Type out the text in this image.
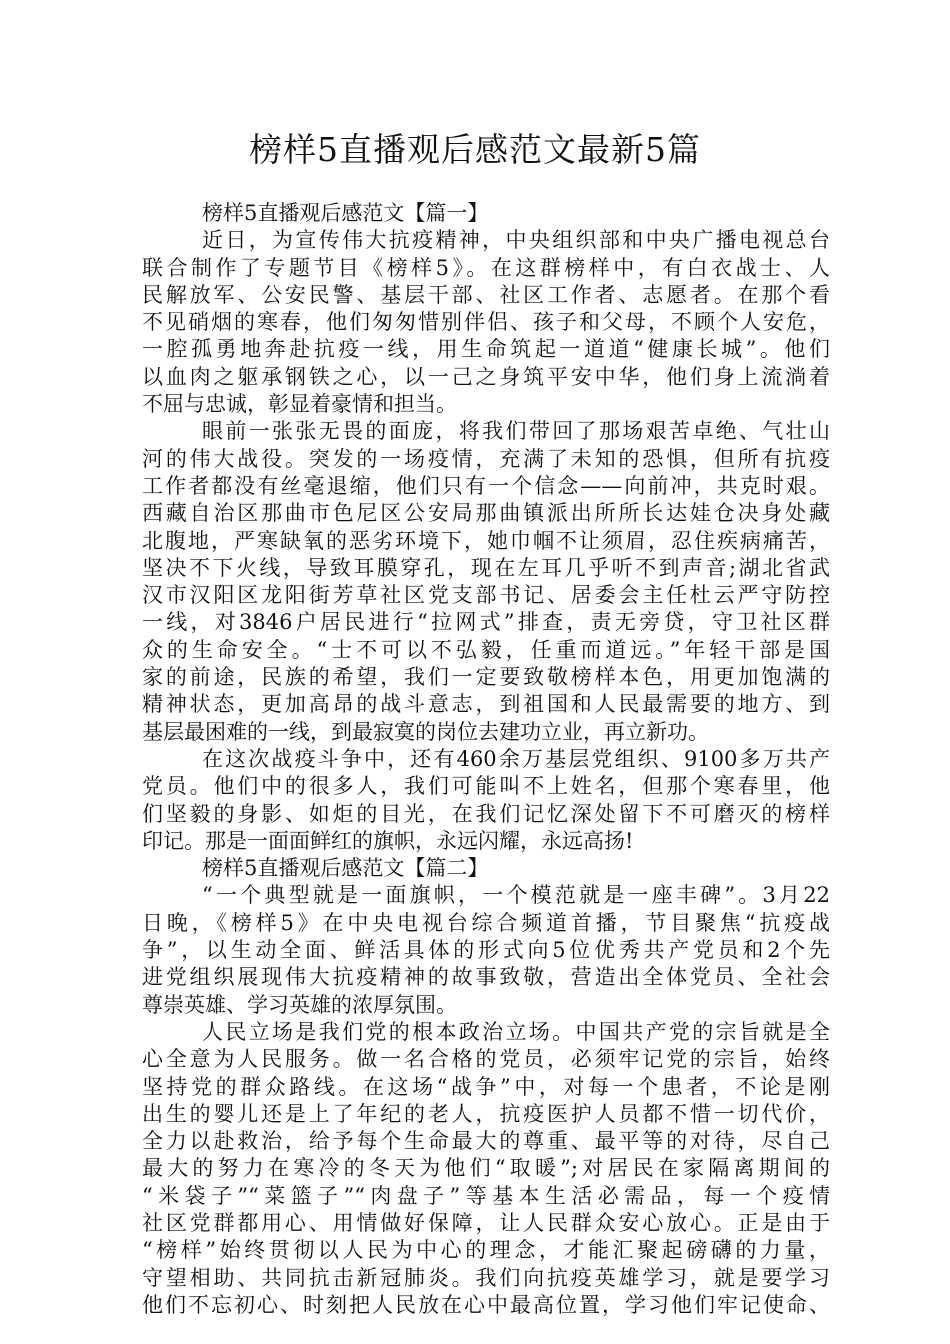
榜样5直播观后感范文最新5篇
榜样5直播观后感范文【篇一】
近日，为宣传伟大抗疫精神，中央组织部和中央广播电视总台
联合制作了专题节目《榜样5》。在这群榜样中，有白衣战士、人
民解放军、公安民警、基层干部、社区工作者、志愿者。在那个看
不见硝烟的寒春，他们匆匆惜别伴侣、孩子和父母，不顾个人安危，
一腔孤勇地奔赴抗疫一线，用生命筑起一道道“健康长城”。他们
以血肉之躯承钢铁之心，以一己之身筑平安中华，他们身上流淌着
不屈与忠诚，彰显着豪情和担当。
眼前一张张无畏的面庞，将我们带回了那场艰苦卓绝、气壮山
河的伟大战役。突发的一场疫情，充满了未知的恐惧，但所有抗疫
工作者都没有丝毫退缩，他们只有一个信念——向前冲，共克时艰。
西藏自治区那曲市色尼区公安局那曲镇派出所所长达娃仓决身处藏
北腹地，严寒缺氧的恶劣环境下，她巾帼不让须眉，忍住疾病痛苦，
坚决不下火线，导致耳膜穿孔，现在左耳几乎听不到声音;湖北省武
汉市汉阳区龙阳街芳草社区党支部书记、居委会主任杜云严守防控
一线，对3846户居民进行“拉网式”排查，责无旁贷，守卫社区群
众的生命安全。“士不可以不弘毅，任重而道远。”年轻干部是国
家的前途，民族的希望，我们一定要致敬榜样本色，用更加饱满的
精神状态，更加高昂的战斗意志，到祖国和人民最需要的地方、到
基层最困难的一线，到最寂寞的岗位去建功立业，再立新功。
在这次战疫斗争中，还有460余万基层党组织、9100多万共产
党员。他们中的很多人，我们可能叫不上姓名，但那个寒春里，他
们坚毅的身影、如炬的目光，在我们记忆深处留下不可磨灭的榜样
印记。那是一面面鲜红的旗帜，永远闪耀，永远高扬!
榜样5直播观后感范文【篇二】
“一个典型就是一面旗帜，一个模范就是一座丰碑”。3月22
日晚，《榜样5》在中央电视台综合频道首播，节目聚焦“抗疫战
争”，以生动全面、鲜活具体的形式向5位优秀共产党员和2个先
进党组织展现伟大抗疫精神的故事致敬，营造出全体党员、全社会
尊崇英雄、学习英雄的浓厚氛围。
人民立场是我们党的根本政治立场。中国共产党的宗旨就是全
心全意为人民服务。做一名合格的党员，必须牢记党的宗旨，始终
坚持党的群众路线。在这场“战争”中，对每一个患者，不论是刚
出生的婴儿还是上了年纪的老人，抗疫医护人员都不惜一切代价，
全力以赴救治，给予每个生命最大的尊重、最平等的对待，尽自己
最大的努力在寒冷的冬天为他们“取暖”;对居民在家隔离期间的
“米袋子”“菜篮子”“肉盘子”等基本生活必需品，每一个疫情
社区党群都用心、用情做好保障，让人民群众安心放心。正是由于
“榜样”始终贯彻以人民为中心的理念，才能汇聚起磅礴的力量，
守望相助、共同抗击新冠肺炎。我们向抗疫英雄学习，就是要学习
他们不忘初心、时刻把人民放在心中最高位置，学习他们牢记使命、
